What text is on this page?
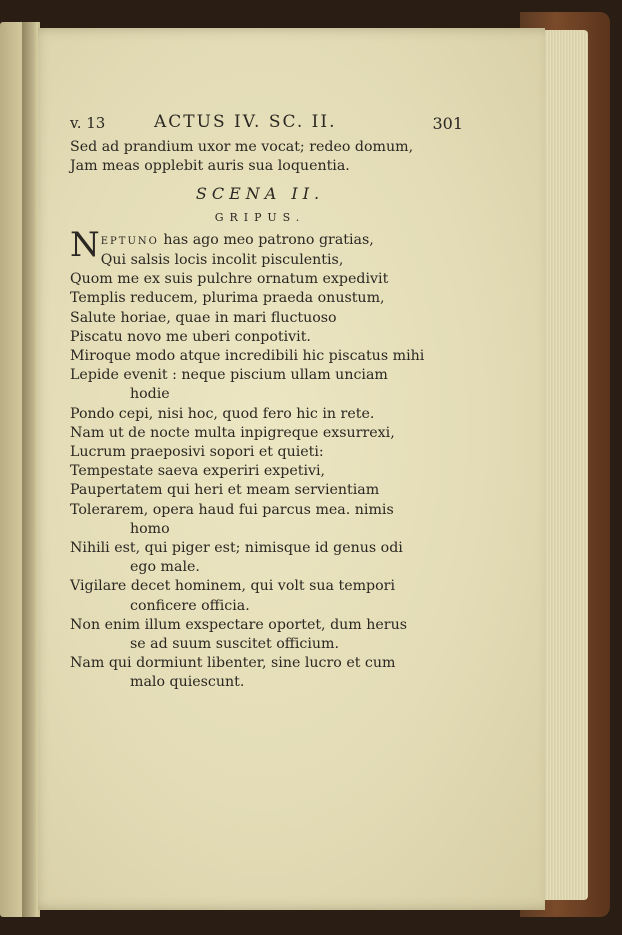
v. 13	ACTUS IV. SC. II.	301
Sed ad prandium uxor me vocat; redeo domum,
Jam meas opplebit auris sua loquentia.
SCENA II.
GRIPUS.
NEPTUNO has ago meo patrono gratias,
Qui salsis locis incolit pisculentis,
Quom me ex suis pulchre ornatum expedivit
Templis reducem, plurima praeda onustum,
Salute horiae, quae in mari fluctuoso
Piscatu novo me uberi conpotivit.
Miroque modo atque incredibili hic piscatus mihi
Lepide evenit : neque piscium ullam unciam
hodie
Pondo cepi, nisi hoc, quod fero hic in rete.
Nam ut de nocte multa inpigreque exsurrexi,
Lucrum praeposivi sopori et quieti:
Tempestate saeva experiri expetivi,
Paupertatem qui heri et meam servientiam
Tolerarem, opera haud fui parcus mea. nimis
homo
Nihili est, qui piger est; nimisque id genus odi
ego male.
Vigilare decet hominem, qui volt sua tempori
conficere officia.
Non enim illum exspectare oportet, dum herus
se ad suum suscitet officium.
Nam qui dormiunt libenter, sine lucro et cum
malo quiescunt.
